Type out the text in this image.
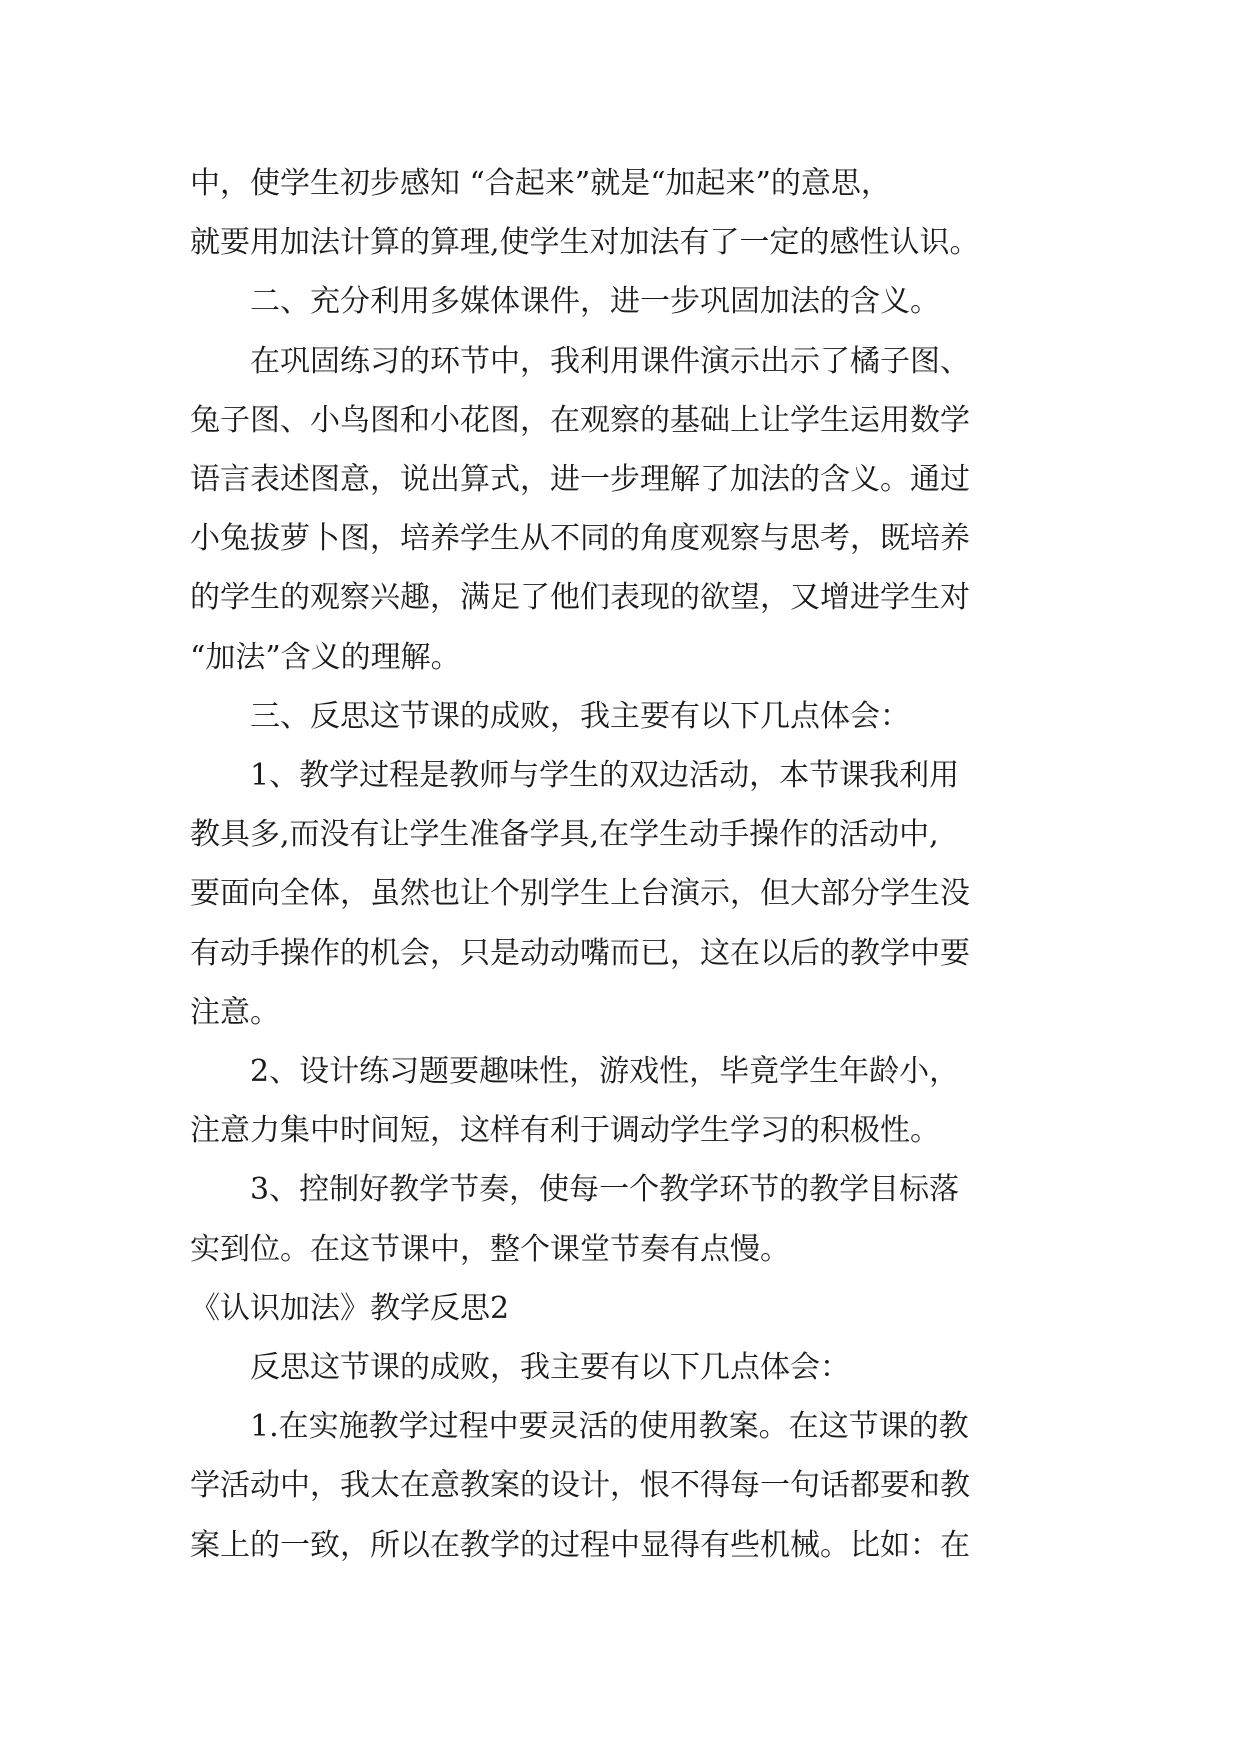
中，使学生初步感知 “合起来”就是“加起来”的意思，
就要用加法计算的算理,使学生对加法有了一定的感性认识。
二、充分利用多媒体课件，进一步巩固加法的含义。
在巩固练习的环节中，我利用课件演示出示了橘子图、
兔子图、小鸟图和小花图，在观察的基础上让学生运用数学
语言表述图意，说出算式，进一步理解了加法的含义。通过
小兔拔萝卜图，培养学生从不同的角度观察与思考，既培养
的学生的观察兴趣，满足了他们表现的欲望，又增进学生对
“加法”含义的理解。
三、反思这节课的成败，我主要有以下几点体会：
1、教学过程是教师与学生的双边活动，本节课我利用
教具多,而没有让学生准备学具,在学生动手操作的活动中,
要面向全体，虽然也让个别学生上台演示，但大部分学生没
有动手操作的机会，只是动动嘴而已，这在以后的教学中要
注意。
2、设计练习题要趣味性，游戏性，毕竟学生年龄小，
注意力集中时间短，这样有利于调动学生学习的积极性。
3、控制好教学节奏，使每一个教学环节的教学目标落
实到位。在这节课中，整个课堂节奏有点慢。
《认识加法》教学反思2
反思这节课的成败，我主要有以下几点体会：
1.在实施教学过程中要灵活的使用教案。在这节课的教
学活动中，我太在意教案的设计，恨不得每一句话都要和教
案上的一致，所以在教学的过程中显得有些机械。比如：在
